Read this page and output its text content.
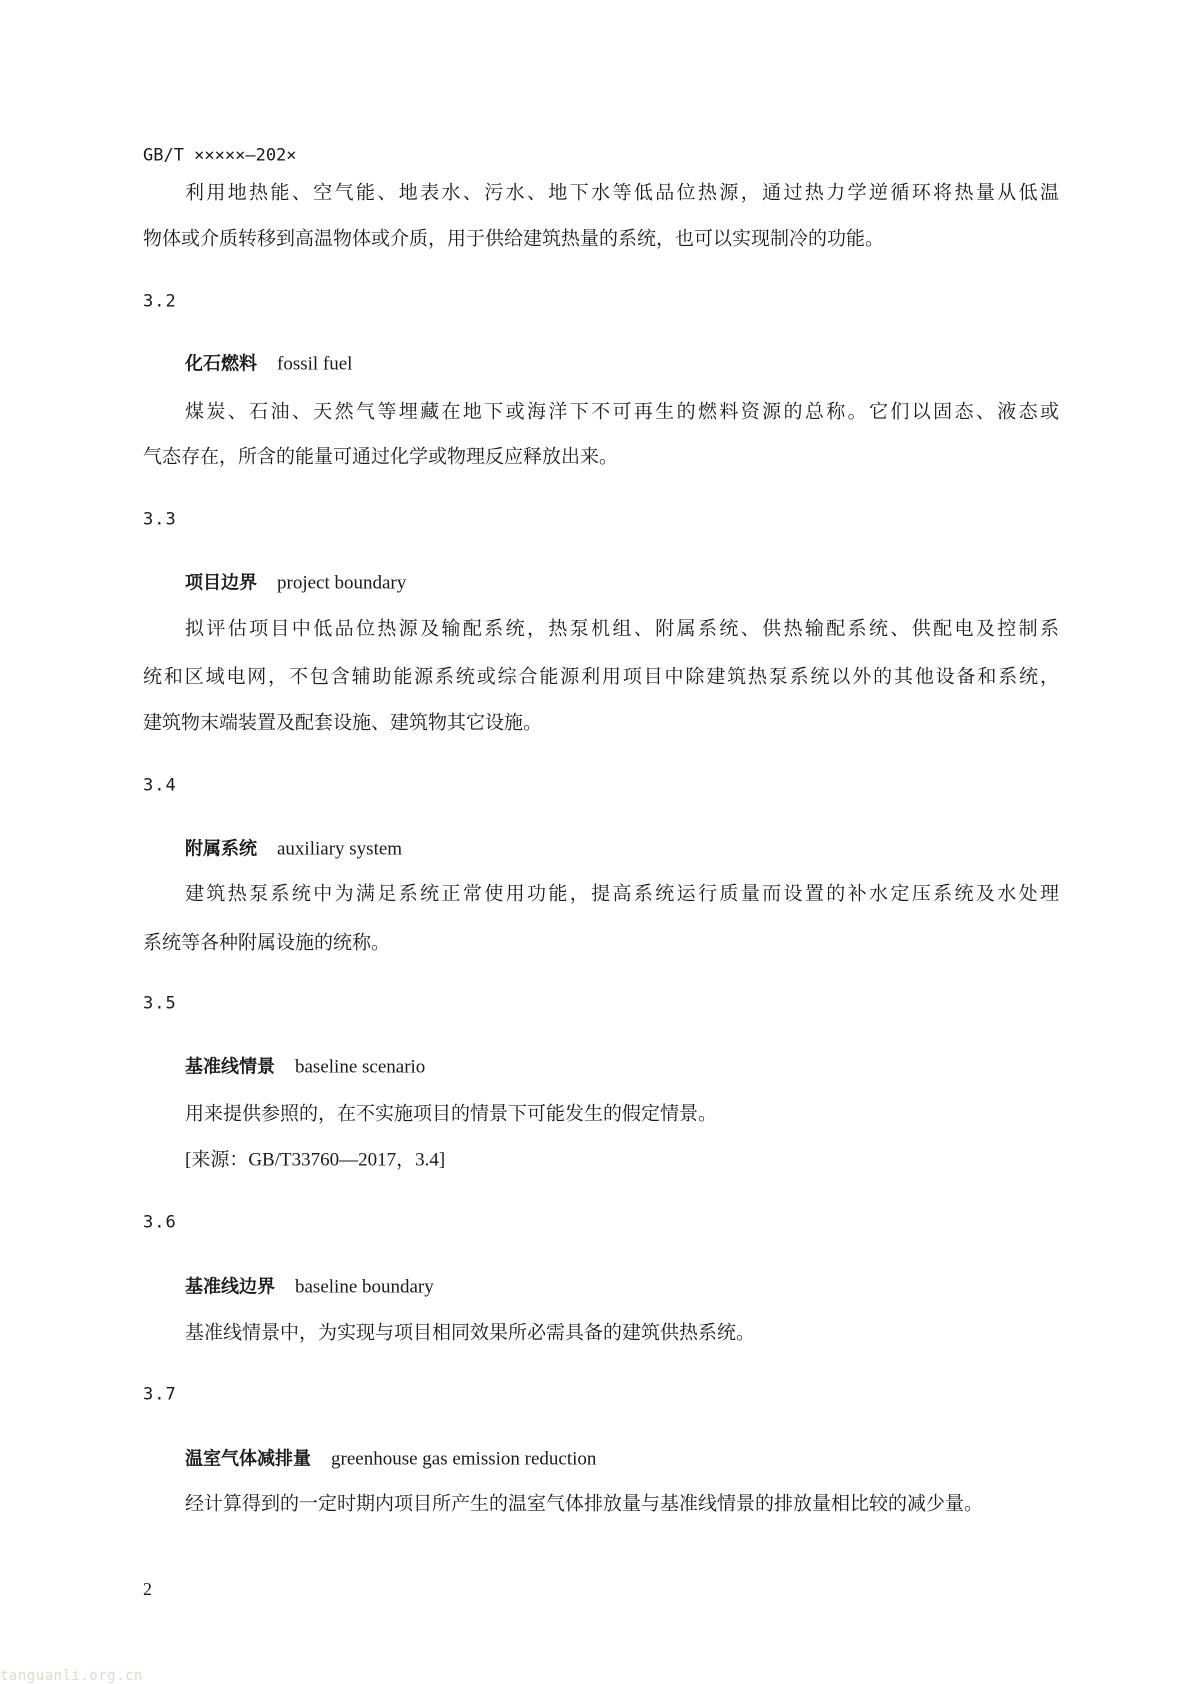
GB/T ×××××—202×
利用地热能、空气能、地表水、污水、地下水等低品位热源，通过热力学逆循环将热量从低温
物体或介质转移到高温物体或介质，用于供给建筑热量的系统，也可以实现制冷的功能。
3.2
化石燃料 fossil fuel
煤炭、石油、天然气等埋藏在地下或海洋下不可再生的燃料资源的总称。它们以固态、液态或
气态存在，所含的能量可通过化学或物理反应释放出来。
3.3
项目边界 project boundary
拟评估项目中低品位热源及输配系统，热泵机组、附属系统、供热输配系统、供配电及控制系
统和区域电网，不包含辅助能源系统或综合能源利用项目中除建筑热泵系统以外的其他设备和系统，
建筑物末端装置及配套设施、建筑物其它设施。
3.4
附属系统 auxiliary system
建筑热泵系统中为满足系统正常使用功能，提高系统运行质量而设置的补水定压系统及水处理
系统等各种附属设施的统称。
3.5
基准线情景 baseline scenario
用来提供参照的，在不实施项目的情景下可能发生的假定情景。
[来源：GB/T33760—2017，3.4]
3.6
基准线边界 baseline boundary
基准线情景中，为实现与项目相同效果所必需具备的建筑供热系统。
3.7
温室气体减排量 greenhouse gas emission reduction
经计算得到的一定时期内项目所产生的温室气体排放量与基准线情景的排放量相比较的减少量。
2
tanguanli.org.cn
